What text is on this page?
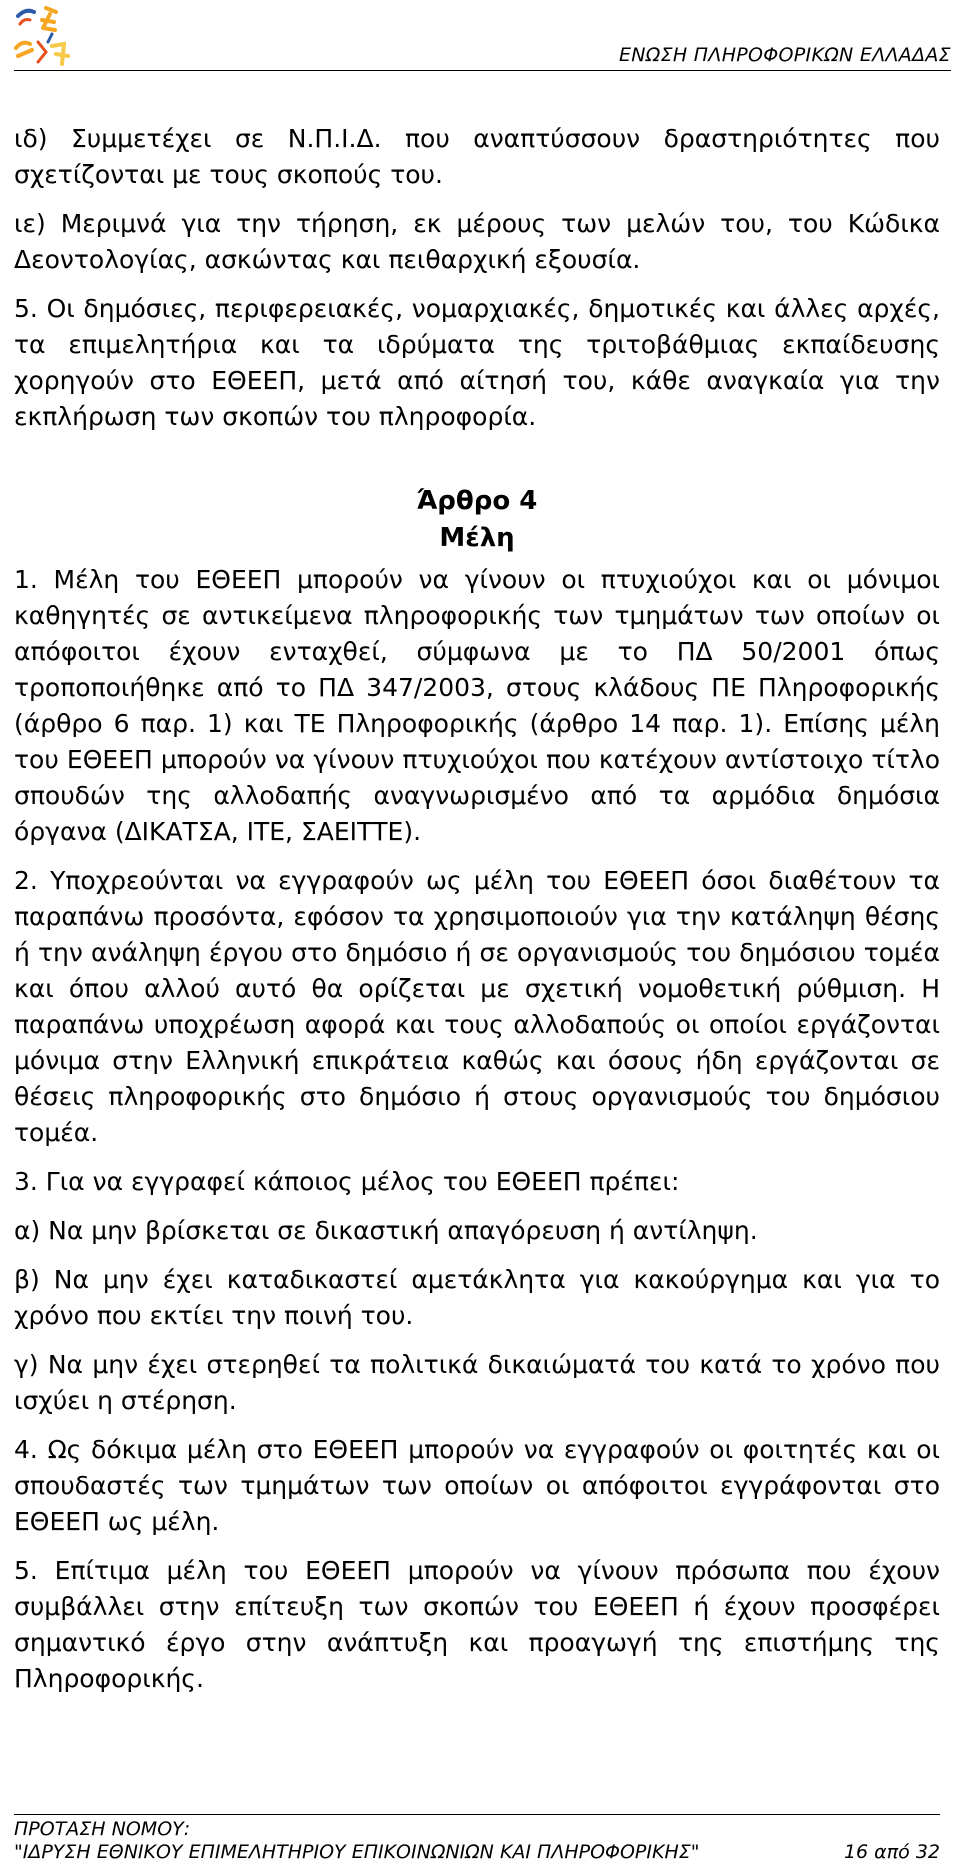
ΕΝΩΣΗ ΠΛΗΡΟΦΟΡΙΚΩΝ ΕΛΛΑΔΑΣ

ιδ) Συμμετέχει σε Ν.Π.Ι.Δ. που αναπτύσσουν δραστηριότητες που σχετίζονται με τους σκοπούς του.

ιε) Μεριμνά για την τήρηση, εκ μέρους των μελών του, του Κώδικα Δεοντολογίας, ασκώντας και πειθαρχική εξουσία.

5. Οι δημόσιες, περιφερειακές, νομαρχιακές, δημοτικές και άλλες αρχές, τα επιμελητήρια και τα ιδρύματα της τριτοβάθμιας εκπαίδευσης χορηγούν στο ΕΘΕΕΠ, μετά από αίτησή του, κάθε αναγκαία για την εκπλήρωση των σκοπών του πληροφορία.

Άρθρο 4
Μέλη

1. Μέλη του ΕΘΕΕΠ μπορούν να γίνουν οι πτυχιούχοι και οι μόνιμοι καθηγητές σε αντικείμενα πληροφορικής των τμημάτων των οποίων οι απόφοιτοι έχουν ενταχθεί, σύμφωνα με το ΠΔ 50/2001 όπως τροποποιήθηκε από το ΠΔ 347/2003, στους κλάδους ΠΕ Πληροφορικής (άρθρο 6 παρ. 1) και ΤΕ Πληροφορικής (άρθρο 14 παρ. 1). Επίσης μέλη του ΕΘΕΕΠ μπορούν να γίνουν πτυχιούχοι που κατέχουν αντίστοιχο τίτλο σπουδών της αλλοδαπής αναγνωρισμένο από τα αρμόδια δημόσια όργανα (ΔΙΚΑΤΣΑ, ΙΤΕ, ΣΑΕΙΤΤΕ).

2. Υποχρεούνται να εγγραφούν ως μέλη του ΕΘΕΕΠ όσοι διαθέτουν τα παραπάνω προσόντα, εφόσον τα χρησιμοποιούν για την κατάληψη θέσης ή την ανάληψη έργου στο δημόσιο ή σε οργανισμούς του δημόσιου τομέα και όπου αλλού αυτό θα ορίζεται με σχετική νομοθετική ρύθμιση. Η παραπάνω υποχρέωση αφορά και τους αλλοδαπούς οι οποίοι εργάζονται μόνιμα στην Ελληνική επικράτεια καθώς και όσους ήδη εργάζονται σε θέσεις πληροφορικής στο δημόσιο ή στους οργανισμούς του δημόσιου τομέα.

3. Για να εγγραφεί κάποιος μέλος του ΕΘΕΕΠ πρέπει:

α) Να μην βρίσκεται σε δικαστική απαγόρευση ή αντίληψη.

β) Να μην έχει καταδικαστεί αμετάκλητα για κακούργημα και για το χρόνο που εκτίει την ποινή του.

γ) Να μην έχει στερηθεί τα πολιτικά δικαιώματά του κατά το χρόνο που ισχύει η στέρηση.

4. Ως δόκιμα μέλη στο ΕΘΕΕΠ μπορούν να εγγραφούν οι φοιτητές και οι σπουδαστές των τμημάτων των οποίων οι απόφοιτοι εγγράφονται στο ΕΘΕΕΠ ως μέλη.

5. Επίτιμα μέλη του ΕΘΕΕΠ μπορούν να γίνουν πρόσωπα που έχουν συμβάλλει στην επίτευξη των σκοπών του ΕΘΕΕΠ ή έχουν προσφέρει σημαντικό έργο στην ανάπτυξη και προαγωγή της επιστήμης της Πληροφορικής.

ΠΡΟΤΑΣΗ ΝΟΜΟΥ:
"ΙΔΡΥΣΗ ΕΘΝΙΚΟΥ ΕΠΙΜΕΛΗΤΗΡΙΟΥ ΕΠΙΚΟΙΝΩΝΙΩΝ ΚΑΙ ΠΛΗΡΟΦΟΡΙΚΗΣ"	16 από 32
